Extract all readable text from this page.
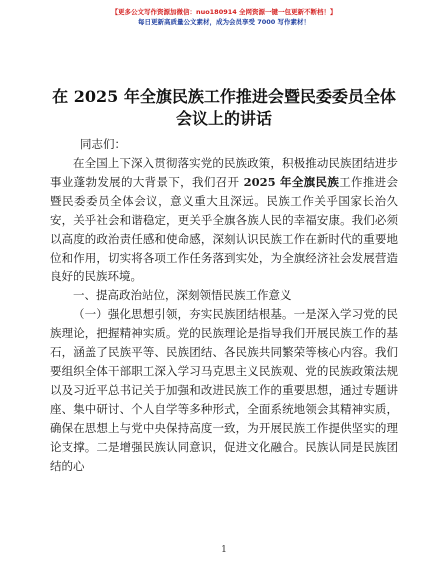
【更多公文写作资源加微信：nuo180914 全网资源一键一包更新不断档！】
每日更新高质量公文素材，成为会员享受 7000 写作素材！
在 2025 年全旗民族工作推进会暨民委委员全体会议上的讲话
同志们：

在全国上下深入贯彻落实党的民族政策，积极推动民族团结进步事业蓬勃发展的大背景下，我们召开 2025 年全旗民族工作推进会暨民委委员全体会议，意义重大且深远。民族工作关乎国家长治久安，关乎社会和谐稳定，更关乎全旗各族人民的幸福安康。我们必须以高度的政治责任感和使命感，深刻认识民族工作在新时代的重要地位和作用，切实将各项工作任务落到实处，为全旗经济社会发展营造良好的民族环境。

一、提高政治站位，深刻领悟民族工作意义

（一）强化思想引领，夯实民族团结根基。一是深入学习党的民族理论，把握精神实质。党的民族理论是指导我们开展民族工作的基石，涵盖了民族平等、民族团结、各民族共同繁荣等核心内容。我们要组织全体干部职工深入学习马克思主义民族观、党的民族政策法规以及习近平总书记关于加强和改进民族工作的重要思想，通过专题讲座、集中研讨、个人自学等多种形式，全面系统地领会其精神实质，确保在思想上与党中央保持高度一致，为开展民族工作提供坚实的理论支撑。二是增强民族认同意识，促进文化融合。民族认同是民族团结的心

1
